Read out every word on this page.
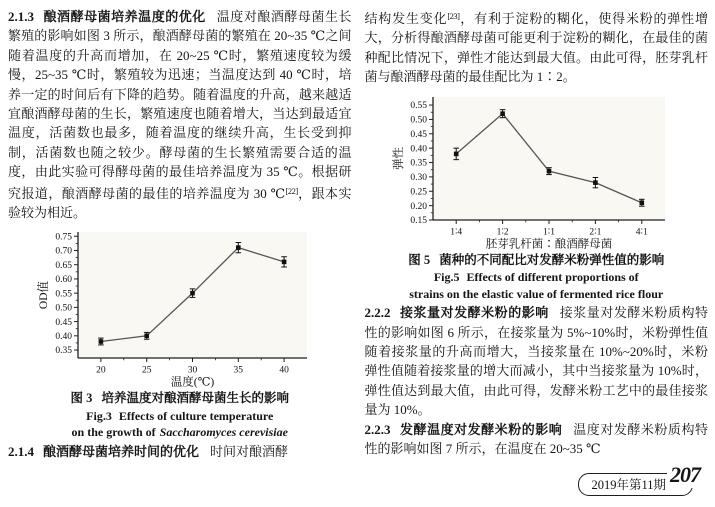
2.1.3 酿酒酵母菌培养温度的优化 温度对酿酒酵母菌生长繁殖的影响如图 3 所示，酿酒酵母菌的繁殖在 20~35 ℃之间随着温度的升高而增加，在 20~25 ℃时，繁殖速度较为缓慢，25~35 ℃时，繁殖较为迅速；当温度达到 40 ℃时，培养一定的时间后有下降的趋势。随着温度的升高，越来越适宜酿酒酵母菌的生长，繁殖速度也随着增大，当达到最适宜温度，活菌数也最多，随着温度的继续升高，生长受到抑制，活菌数也随之较少。酵母菌的生长繁殖需要合适的温度，由此实验可得酵母菌的最佳培养温度为 35 ℃。根据研究报道，酿酒酵母菌的最佳的培养温度为 30 ℃[22]，跟本实验较为相近。

0.35
0.40
0.45
0.50
0.55
0.60
0.65
0.70
0.75
20	25	30	35	40
温度(℃)
OD值
图 3 培养温度对酿酒酵母菌生长的影响
Fig.3 Effects of culture temperature
on the growth of Saccharomyces cerevisiae

2.1.4 酿酒酵母菌培养时间的优化 时间对酿酒酵

结构发生变化[23]，有利于淀粉的糊化，使得米粉的弹性增大，分析得酿酒酵母菌可能更利于淀粉的糊化，在最佳的菌种配比情况下，弹性才能达到最大值。由此可得，胚芽乳杆菌与酿酒酵母菌的最佳配比为 1∶2。

0.15
0.20
0.25
0.30
0.35
0.40
0.45
0.50
0.55
1∶4	1∶2	1∶1	2∶1	4∶1
胚芽乳杆菌∶酿酒酵母菌
弹性
图 5 菌种的不同配比对发酵米粉弹性值的影响
Fig.5 Effects of different proportions of
strains on the elastic value of fermented rice flour

2.2.2 接浆量对发酵米粉的影响 接浆量对发酵米粉质构特性的影响如图 6 所示，在接浆量为 5%~10%时，米粉弹性值随着接浆量的升高而增大，当接浆量在 10%~20%时，米粉弹性值随着接浆量的增大而减小，其中当接浆量为 10%时，弹性值达到最大值，由此可得，发酵米粉工艺中的最佳接浆量为 10%。

2.2.3 发酵温度对发酵米粉的影响 温度对发酵米粉质构特性的影响如图 7 所示，在温度在 20~35 ℃

2019年第11期 207
